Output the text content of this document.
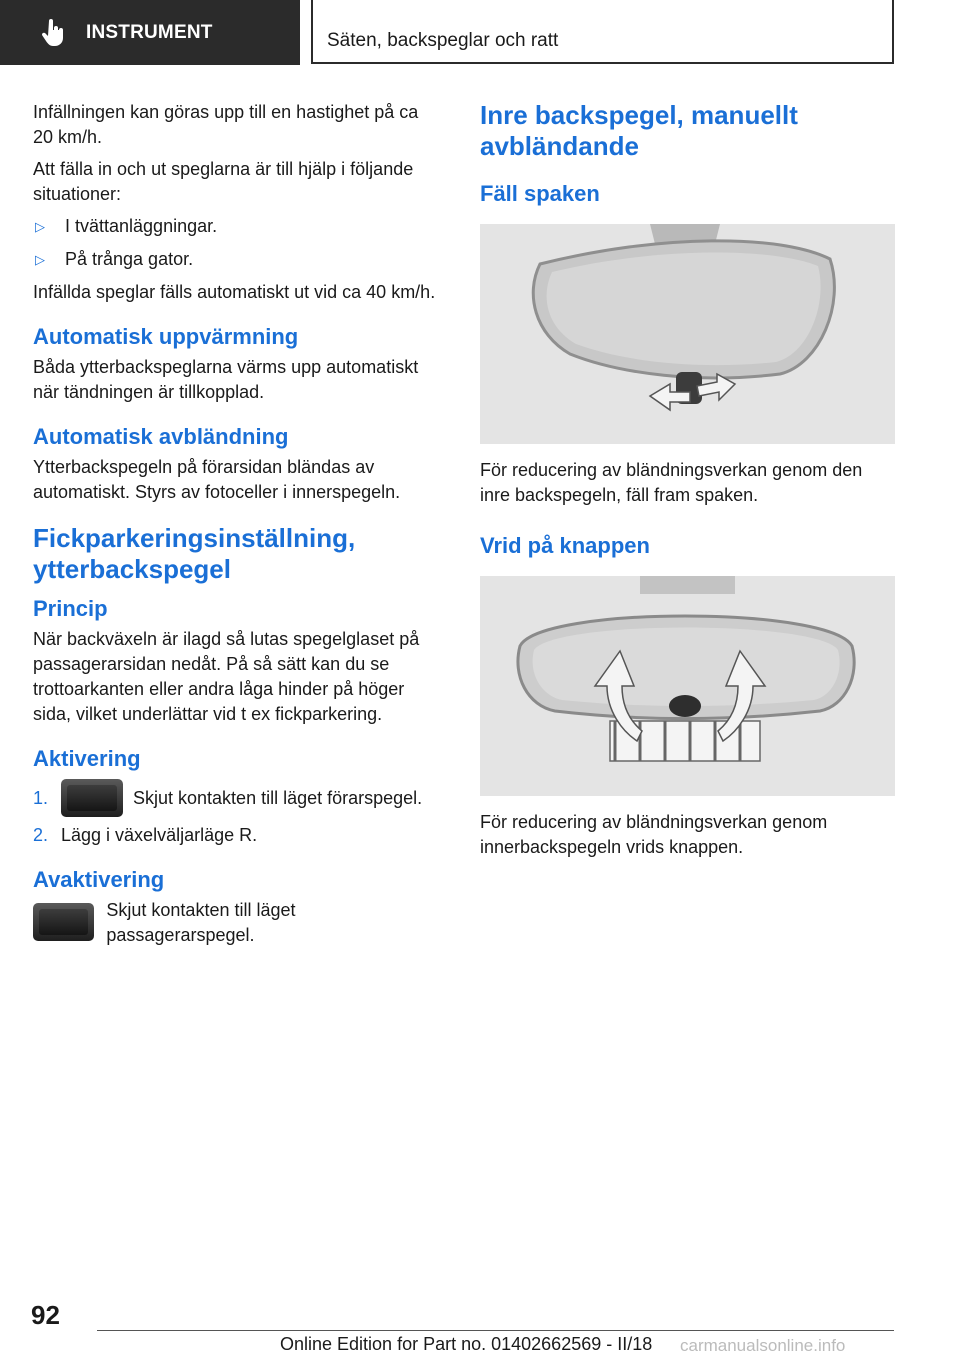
INSTRUMENT	Säten, backspeglar och ratt

Infällningen kan göras upp till en hastighet på ca 20 km/h.

Att fälla in och ut speglarna är till hjälp i följande situationer:

▷	I tvättanläggningar.
▷	På trånga gator.

Infällda speglar fälls automatiskt ut vid ca 40 km/h.

Automatisk uppvärmning

Båda ytterbackspeglarna värms upp automatiskt när tändningen är tillkopplad.

Automatisk avbländning

Ytterbackspegeln på förarsidan bländas av automatiskt. Styrs av fotoceller i innerspegeln.

Fickparkeringsinställning, ytterbackspegel
Princip

När backväxeln är ilagd så lutas spegelglaset på passagerarsidan nedåt. På så sätt kan du se trottoarkanten eller andra låga hinder på höger sida, vilket underlättar vid t ex fickparkering.

Aktivering
1.	Skjut kontakten till läget förarspegel.
2. Lägg i växelväljarläge R.
Avaktivering

Skjut kontakten till läget passagerarspegel.

Inre backspegel, manuellt avbländande
Fäll spaken

För reducering av bländningsverkan genom den inre backspegeln, fäll fram spaken.

Vrid på knappen

För reducering av bländningsverkan genom innerbackspegeln vrids knappen.

92
Online Edition for Part no. 01402662569 - II/18 carmanualsonline.info
